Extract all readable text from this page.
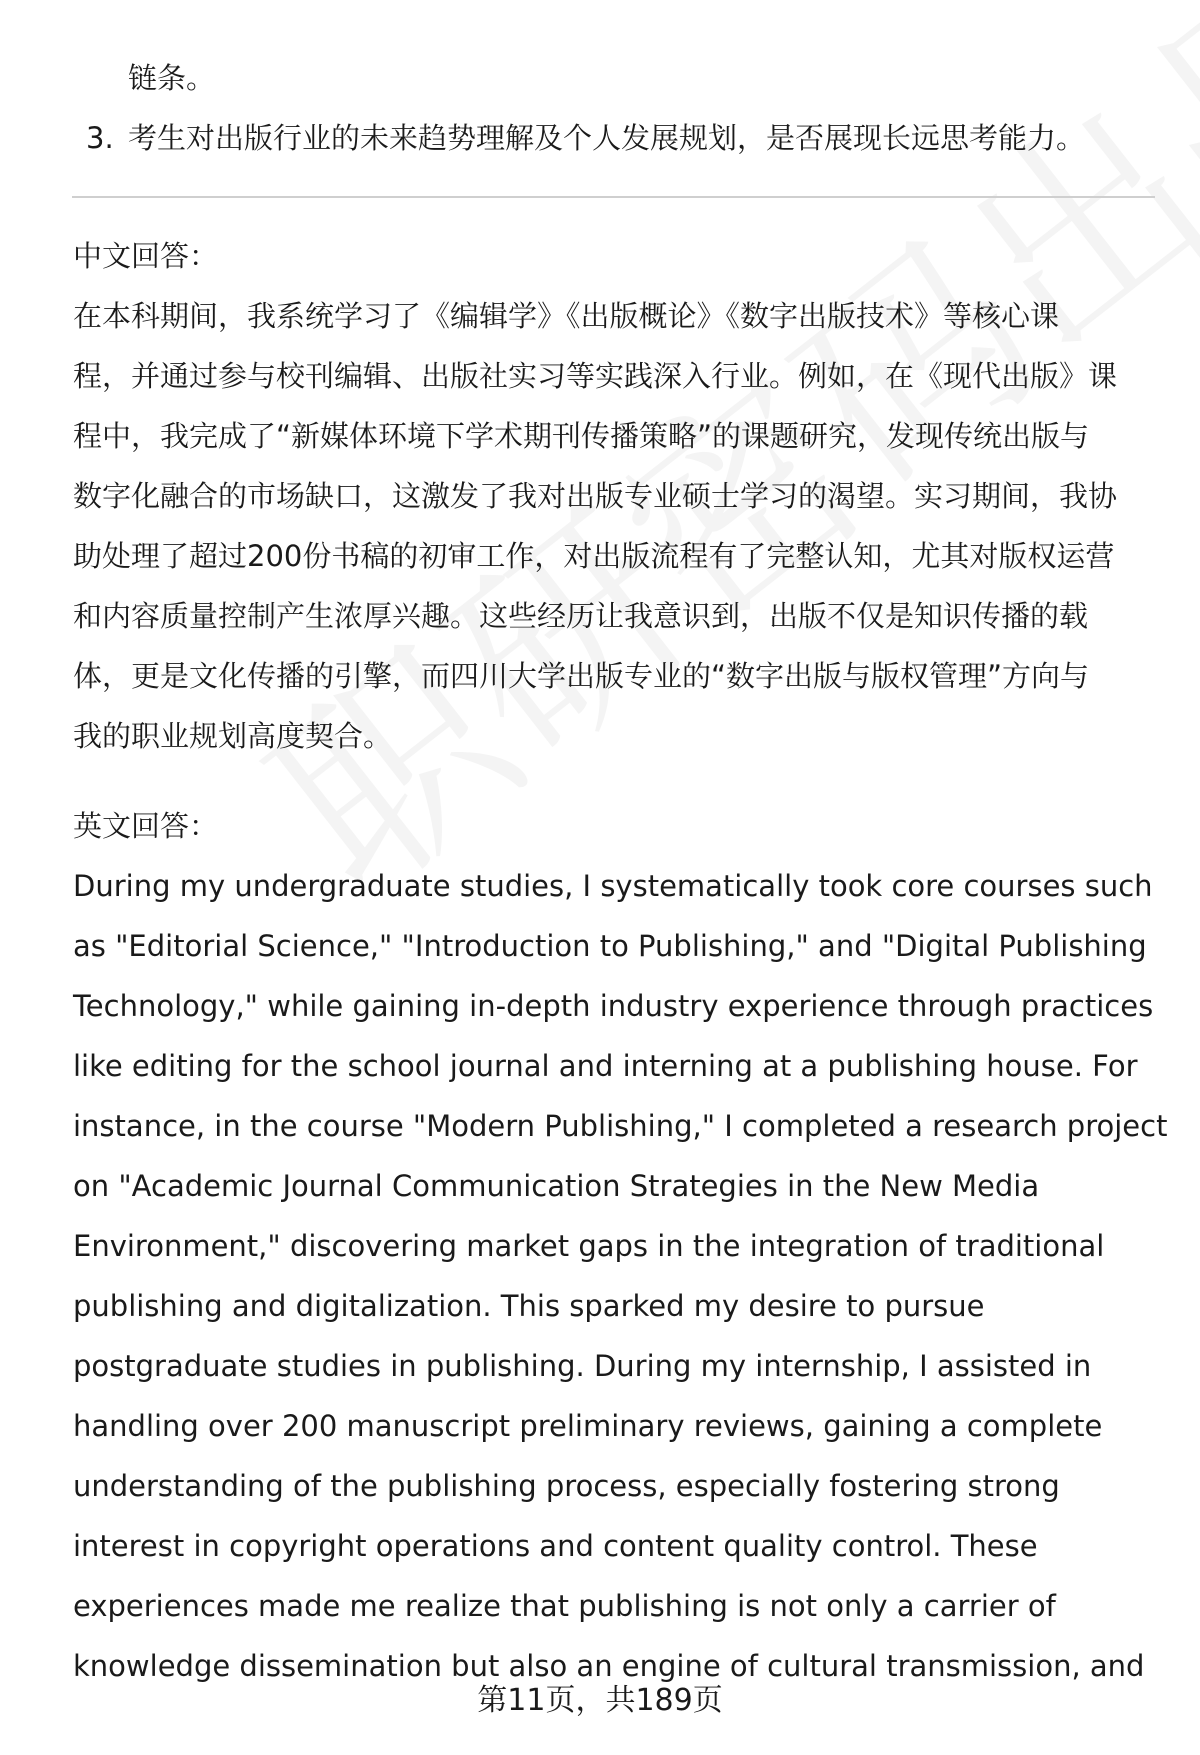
链条。

3. 考生对出版行业的未来趋势理解及个人发展规划，是否展现长远思考能力。

中文回答：

在本科期间，我系统学习了《编辑学》《出版概论》《数字出版技术》等核心课
程，并通过参与校刊编辑、出版社实习等实践深入行业。例如，在《现代出版》课
程中，我完成了“新媒体环境下学术期刊传播策略”的课题研究，发现传统出版与
数字化融合的市场缺口，这激发了我对出版专业硕士学习的渴望。实习期间，我协
助处理了超过200份书稿的初审工作，对出版流程有了完整认知，尤其对版权运营
和内容质量控制产生浓厚兴趣。这些经历让我意识到，出版不仅是知识传播的载
体，更是文化传播的引擎，而四川大学出版专业的“数字出版与版权管理”方向与
我的职业规划高度契合。

英文回答：

During my undergraduate studies, I systematically took core courses such
as "Editorial Science," "Introduction to Publishing," and "Digital Publishing
Technology," while gaining in-depth industry experience through practices
like editing for the school journal and interning at a publishing house. For
instance, in the course "Modern Publishing," I completed a research project
on "Academic Journal Communication Strategies in the New Media
Environment," discovering market gaps in the integration of traditional
publishing and digitalization. This sparked my desire to pursue
postgraduate studies in publishing. During my internship, I assisted in
handling over 200 manuscript preliminary reviews, gaining a complete
understanding of the publishing process, especially fostering strong
interest in copyright operations and content quality control. These
experiences made me realize that publishing is not only a carrier of
knowledge dissemination but also an engine of cultural transmission, and
第11页，共189页
